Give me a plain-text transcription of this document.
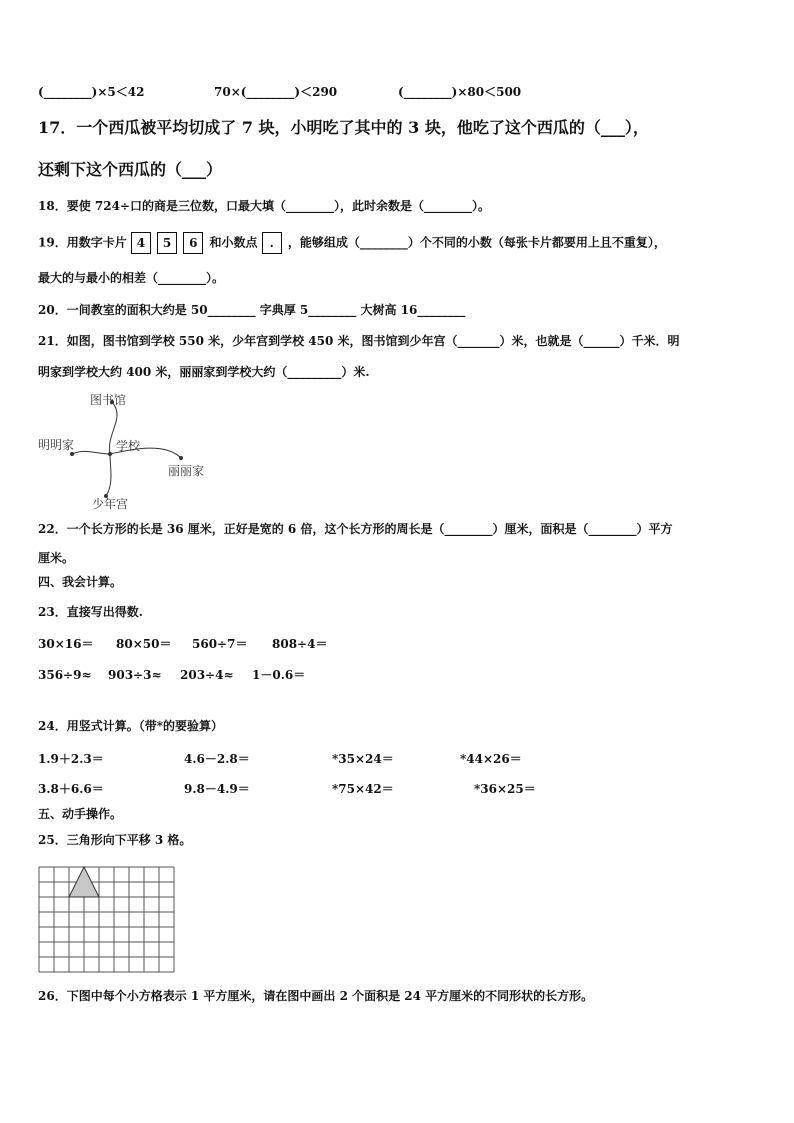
(________)×5＜42	70×(________)＜290	(________)×80＜500
17．一个西瓜被平均切成了 7 块，小明吃了其中的 3 块，他吃了这个西瓜的（___），
还剩下这个西瓜的（___）
18．要使 724÷口的商是三位数，口最大填（________），此时余数是（________）。
19．用数字卡片 4 5 6 和小数点 . ，能够组成（________）个不同的小数（每张卡片都要用上且不重复），
最大的与最小的相差（________）。
20．一间教室的面积大约是 50________ 字典厚 5________ 大树高 16________
21．如图，图书馆到学校 550 米，少年宫到学校 450 米，图书馆到少年宫（_______）米，也就是（______）千米．明
明家到学校大约 400 米，丽丽家到学校大约（_________）米.
图书馆
明明家	学校
丽丽家
少年宫
22．一个长方形的长是 36 厘米，正好是宽的 6 倍，这个长方形的周长是（________）厘米，面积是（________）平方
厘米。
四、我会计算。
23．直接写出得数.
30×16＝ 80×50＝ 560÷7＝ 808÷4＝
356÷9≈ 903÷3≈ 203÷4≈ 1－0.6＝
24．用竖式计算。（带*的要验算）
1.9＋2.3＝	4.6－2.8＝	*35×24＝	*44×26＝
3.8＋6.6＝	9.8－4.9＝	*75×42＝	*36×25＝
五、动手操作。
25．三角形向下平移 3 格。
26．下图中每个小方格表示 1 平方厘米，请在图中画出 2 个面积是 24 平方厘米的不同形状的长方形。
